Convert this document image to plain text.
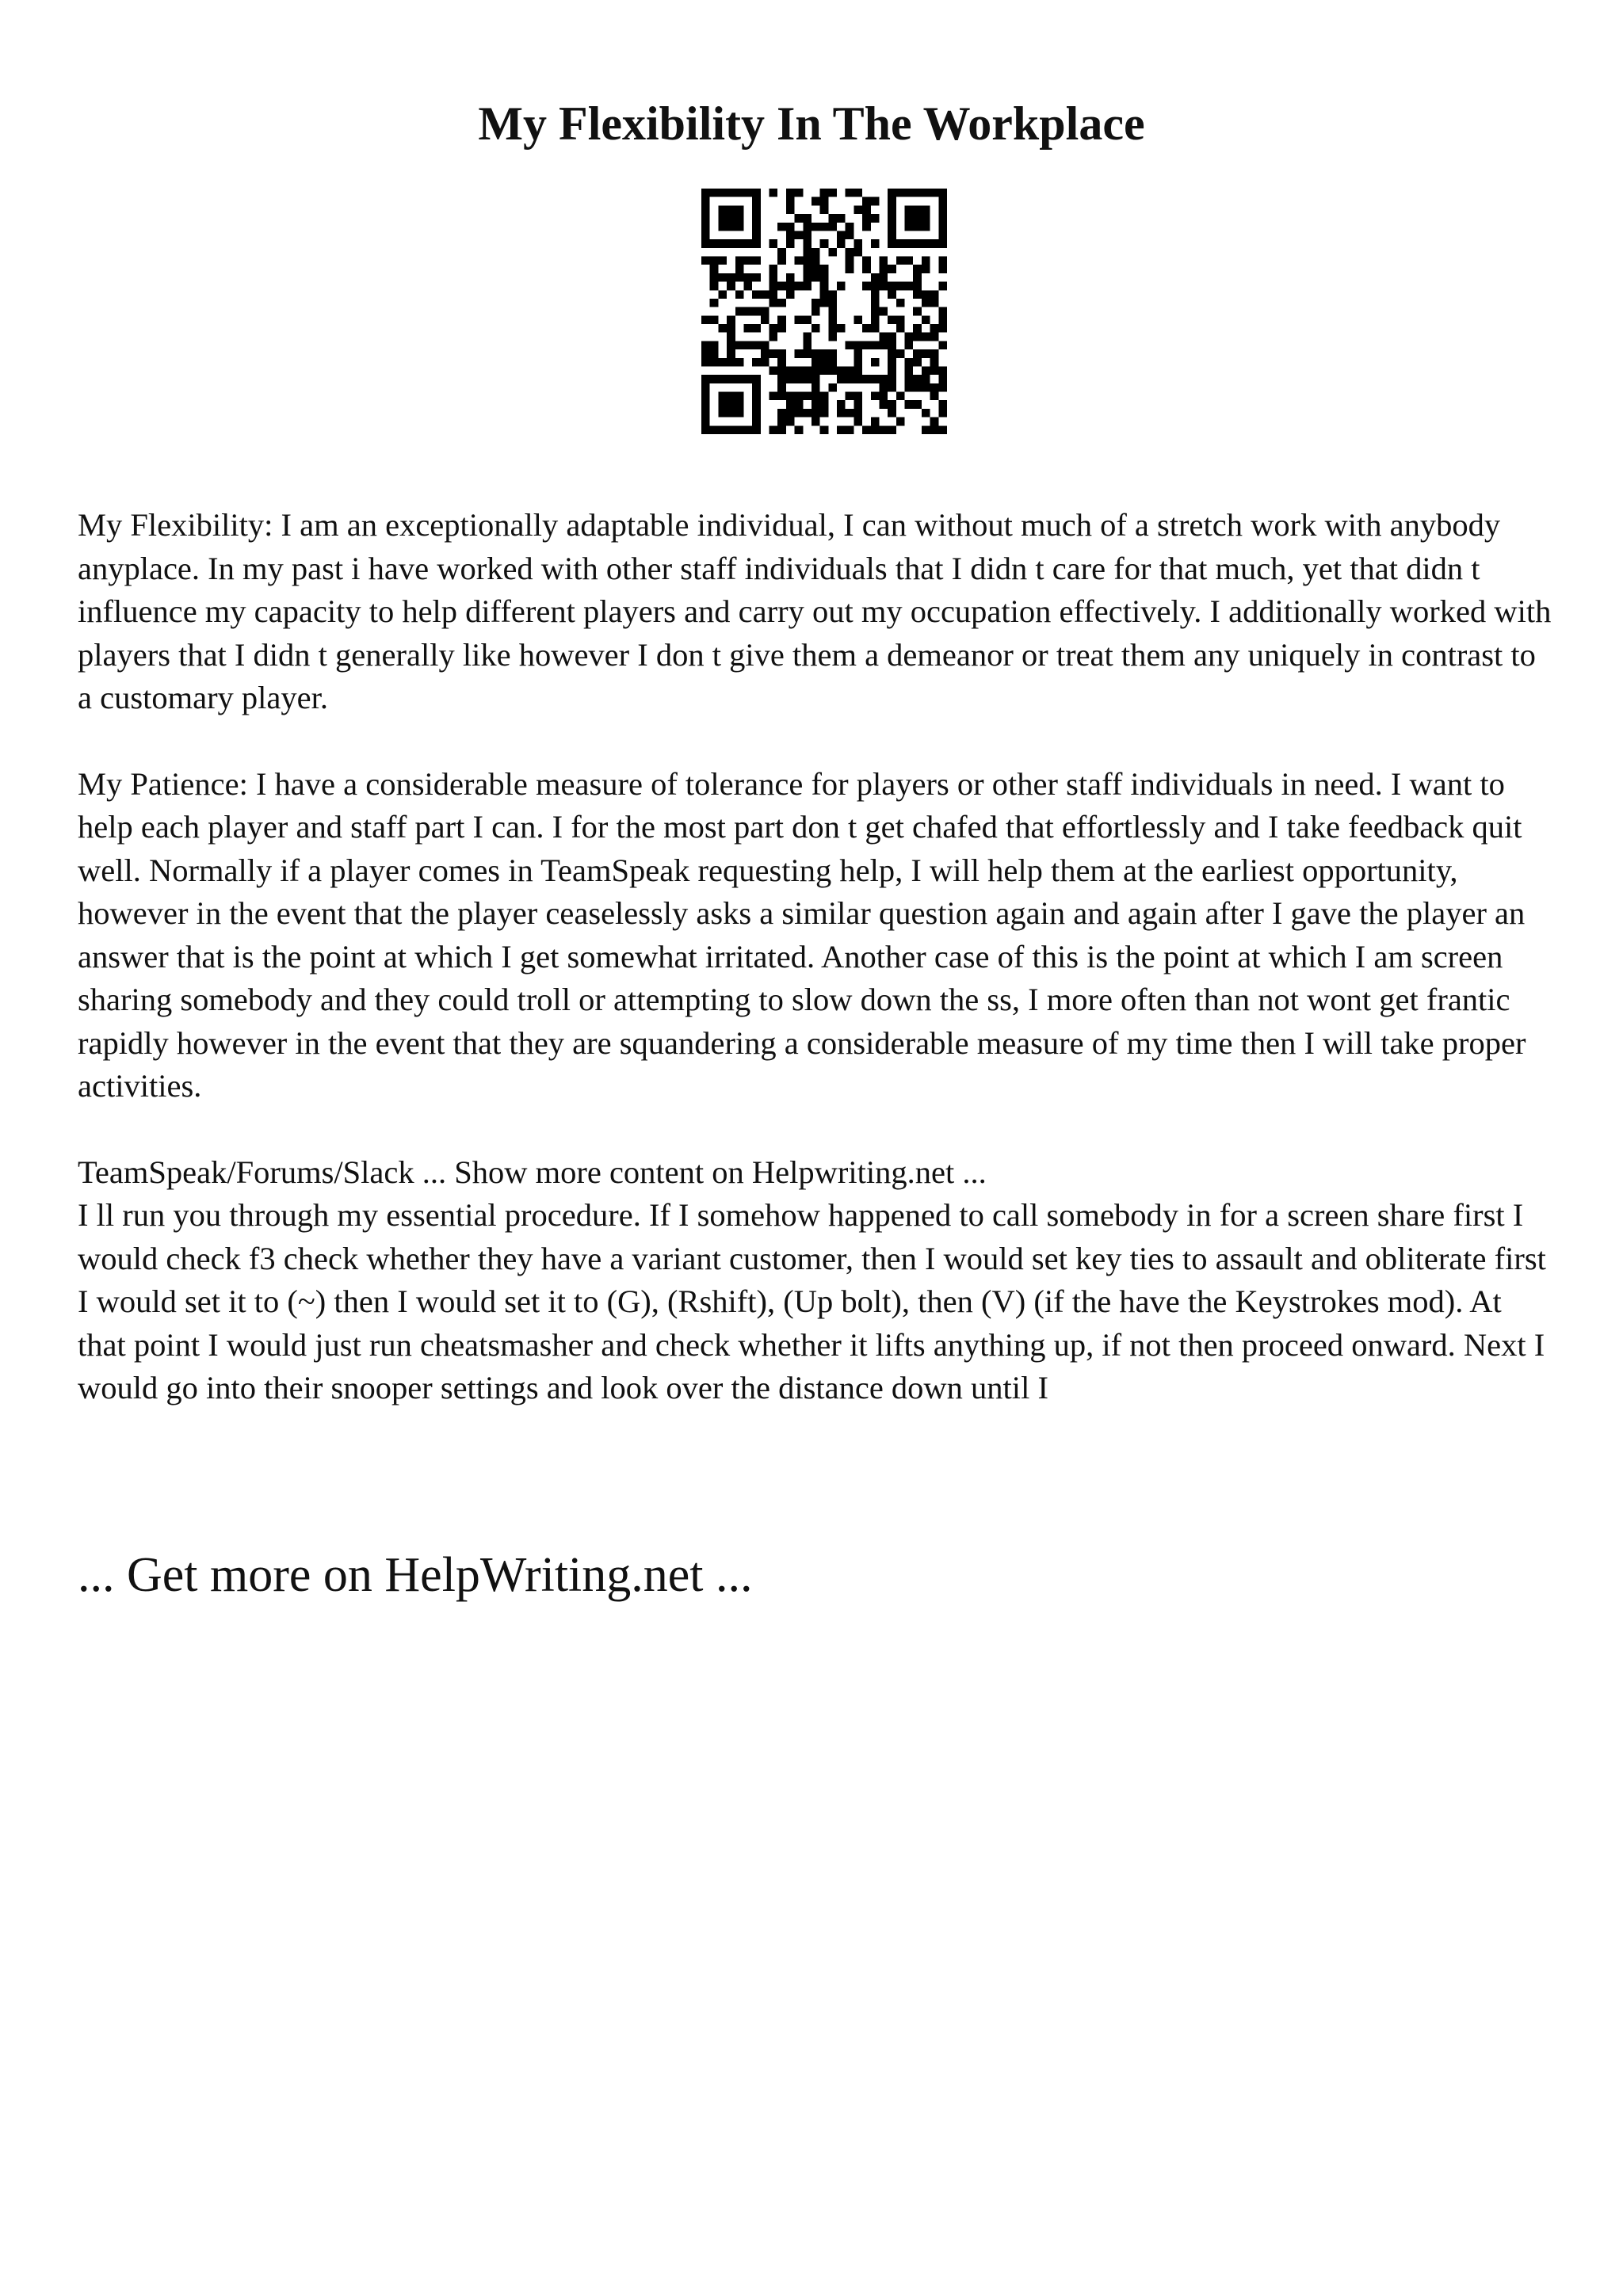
My Flexibility In The Workplace

My Flexibility: I am an exceptionally adaptable individual, I can without much of a stretch work with anybody anyplace. In my past i have worked with other staff individuals that I didn t care for that much, yet that didn t influence my capacity to help different players and carry out my occupation effectively. I additionally worked with players that I didn t generally like however I don t give them a demeanor or treat them any uniquely in contrast to a customary player.

My Patience: I have a considerable measure of tolerance for players or other staff individuals in need. I want to help each player and staff part I can. I for the most part don t get chafed that effortlessly and I take feedback quit well. Normally if a player comes in TeamSpeak requesting help, I will help them at the earliest opportunity, however in the event that the player ceaselessly asks a similar question again and again after I gave the player an answer that is the point at which I get somewhat irritated. Another case of this is the point at which I am screen sharing somebody and they could troll or attempting to slow down the ss, I more often than not wont get frantic rapidly however in the event that they are squandering a considerable measure of my time then I will take proper activities.

TeamSpeak/Forums/Slack ... Show more content on Helpwriting.net ...

I ll run you through my essential procedure. If I somehow happened to call somebody in for a screen share first I would check f3 check whether they have a variant customer, then I would set key ties to assault and obliterate first I would set it to (~) then I would set it to (G), (Rshift), (Up bolt), then (V) (if the have the Keystrokes mod). At that point I would just run cheatsmasher and check whether it lifts anything up, if not then proceed onward. Next I would go into their snooper settings and look over the distance down until I

... Get more on HelpWriting.net ...
